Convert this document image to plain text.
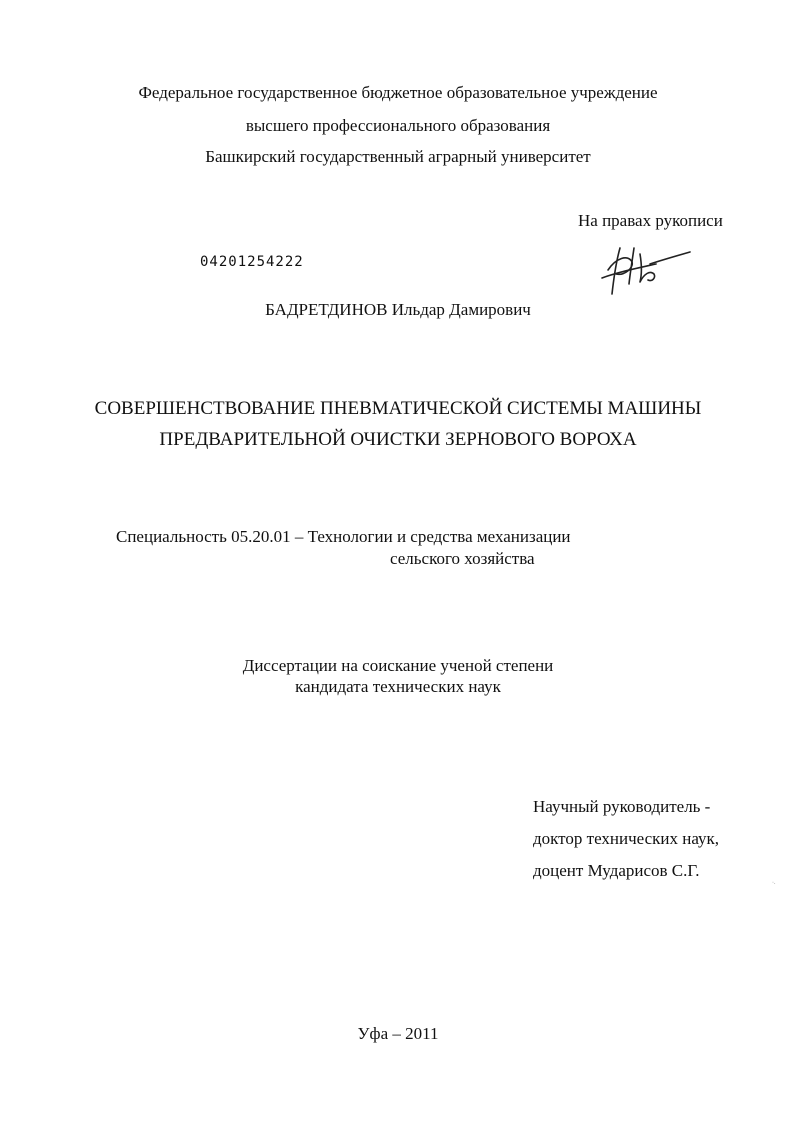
Федеральное государственное бюджетное образовательное учреждение
высшего профессионального образования
Башкирский государственный аграрный университет
На правах рукописи
04201254222
БАДРЕТДИНОВ Ильдар Дамирович
СОВЕРШЕНСТВОВАНИЕ ПНЕВМАТИЧЕСКОЙ СИСТЕМЫ МАШИНЫ
ПРЕДВАРИТЕЛЬНОЙ ОЧИСТКИ ЗЕРНОВОГО ВОРОХА
Специальность 05.20.01 – Технологии и средства механизации
сельского хозяйства
Диссертации на соискание ученой степени
кандидата технических наук
Научный руководитель -
доктор технических наук,
доцент Мударисов С.Г.
·.
Уфа – 2011
